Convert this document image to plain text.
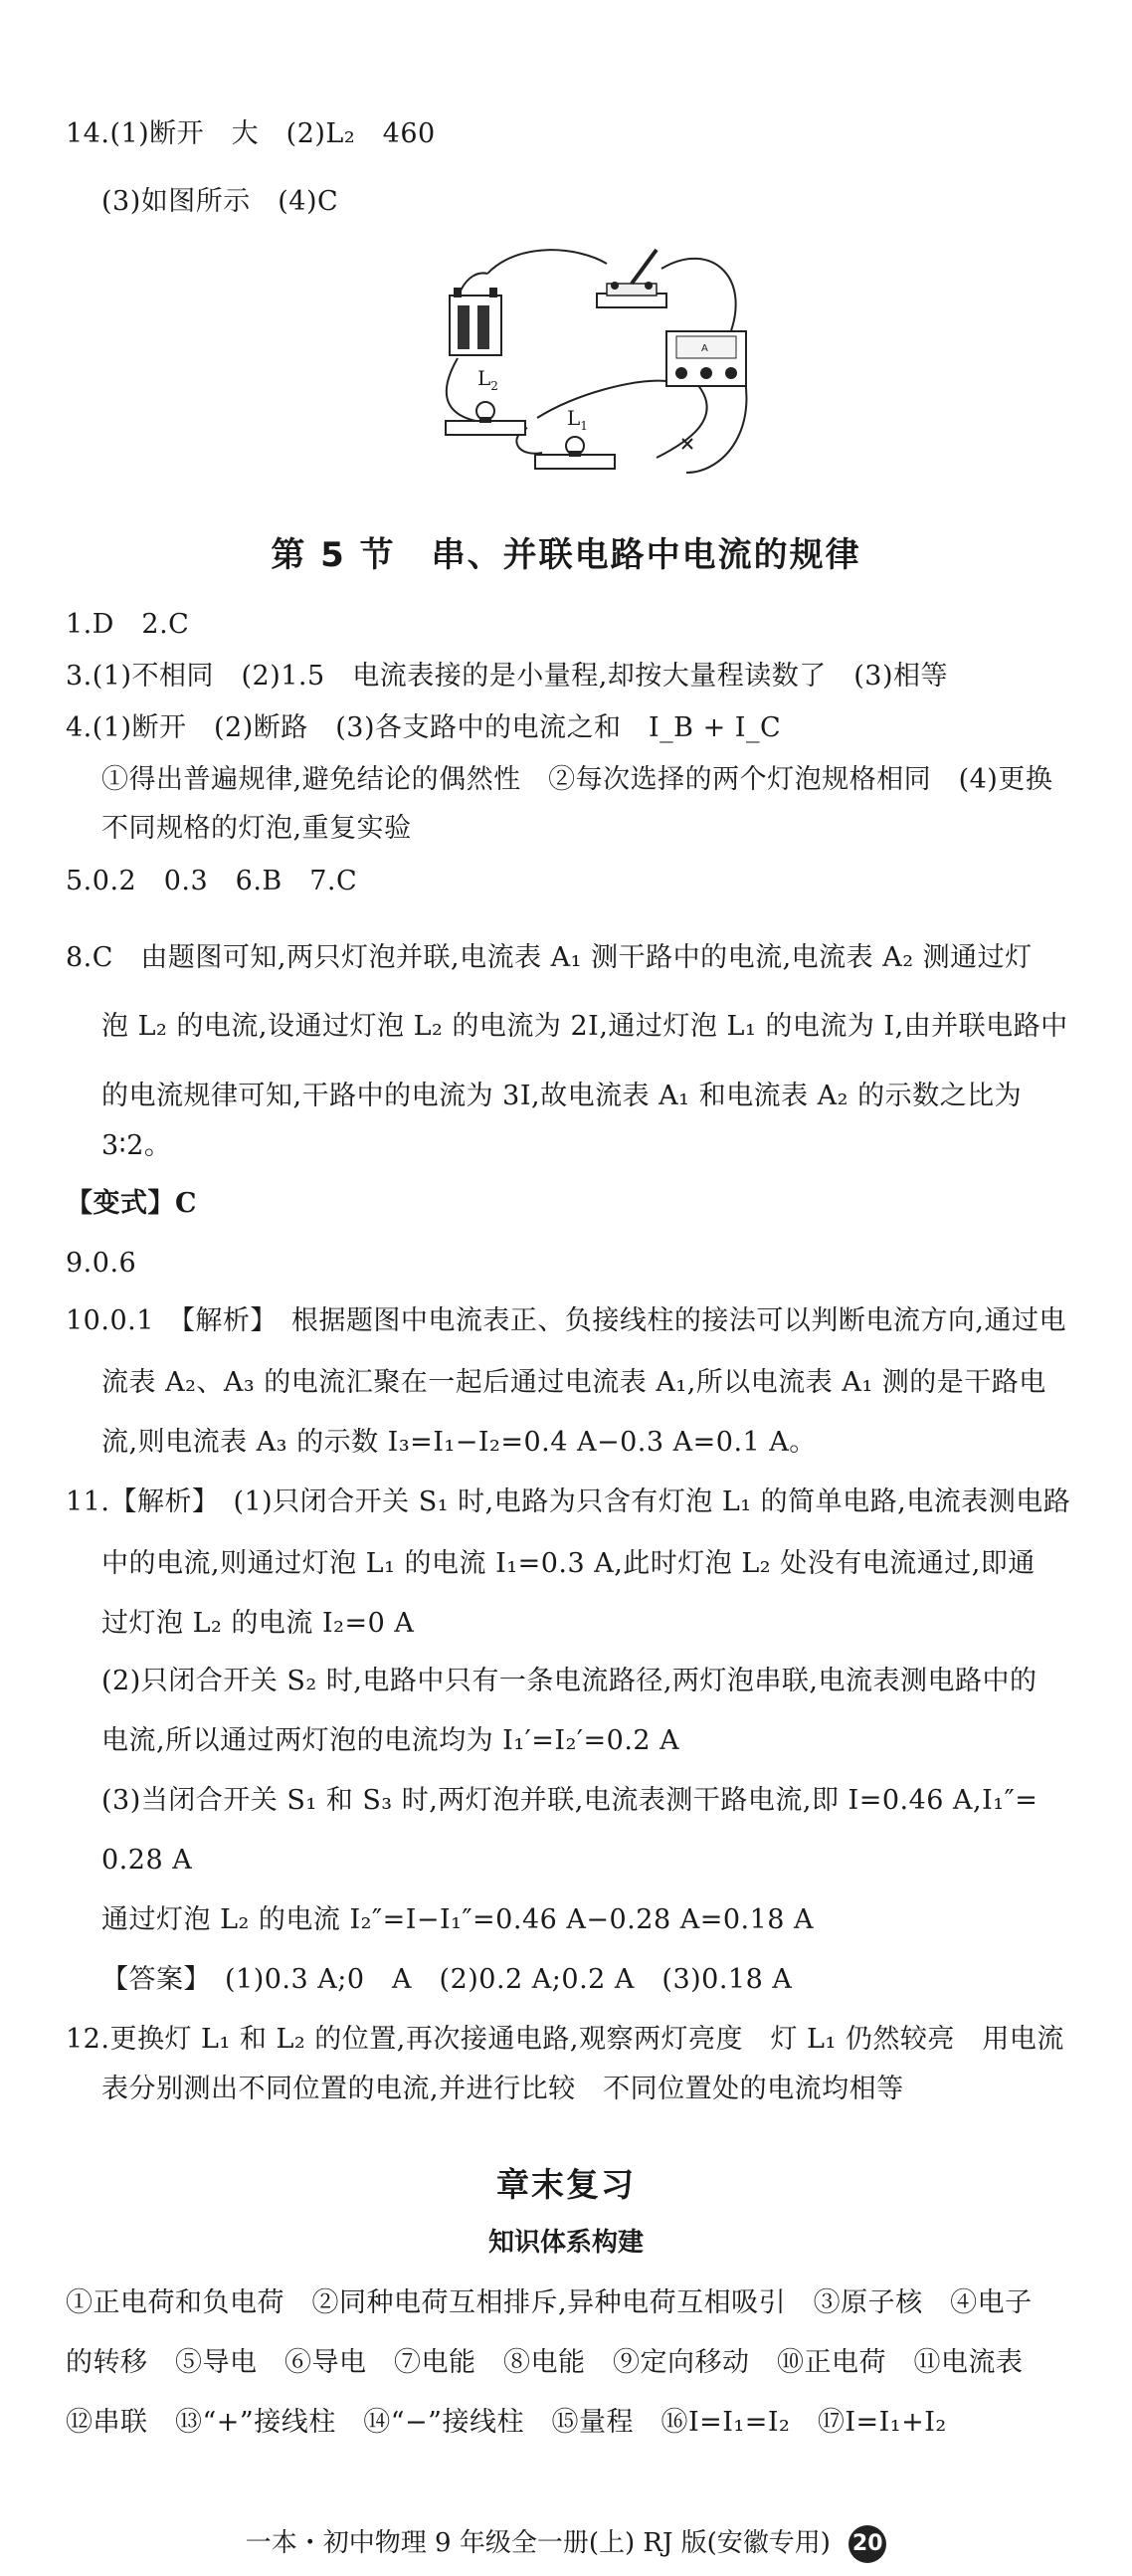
14.(1)断开　大　(2)L₂　460
(3)如图所示　(4)C
A
$L_2$
$L_1$
第 5 节　串、并联电路中电流的规律
1.D　2.C
3.(1)不相同　(2)1.5　电流表接的是小量程,却按大量程读数了　(3)相等
4.(1)断开　(2)断路　(3)各支路中的电流之和　I_B + I_C
①得出普遍规律,避免结论的偶然性　②每次选择的两个灯泡规格相同　(4)更换
不同规格的灯泡,重复实验
5.0.2　0.3　6.B　7.C
8.C　由题图可知,两只灯泡并联,电流表 A₁ 测干路中的电流,电流表 A₂ 测通过灯
泡 L₂ 的电流,设通过灯泡 L₂ 的电流为 2I,通过灯泡 L₁ 的电流为 I,由并联电路中
的电流规律可知,干路中的电流为 3I,故电流表 A₁ 和电流表 A₂ 的示数之比为
3∶2。
【变式】C
9.0.6
10.0.1　【解析】　根据题图中电流表正、负接线柱的接法可以判断电流方向,通过电
流表 A₂、A₃ 的电流汇聚在一起后通过电流表 A₁,所以电流表 A₁ 测的是干路电
流,则电流表 A₃ 的示数 I₃=I₁−I₂=0.4 A−0.3 A=0.1 A。
11.【解析】　(1)只闭合开关 S₁ 时,电路为只含有灯泡 L₁ 的简单电路,电流表测电路
中的电流,则通过灯泡 L₁ 的电流 I₁=0.3 A,此时灯泡 L₂ 处没有电流通过,即通
过灯泡 L₂ 的电流 I₂=0 A
(2)只闭合开关 S₂ 时,电路中只有一条电流路径,两灯泡串联,电流表测电路中的
电流,所以通过两灯泡的电流均为 I₁′=I₂′=0.2 A
(3)当闭合开关 S₁ 和 S₃ 时,两灯泡并联,电流表测干路电流,即 I=0.46 A,I₁″=
0.28 A
通过灯泡 L₂ 的电流 I₂″=I−I₁″=0.46 A−0.28 A=0.18 A
【答案】　(1)0.3 A;0　A　(2)0.2 A;0.2 A　(3)0.18 A
12.更换灯 L₁ 和 L₂ 的位置,再次接通电路,观察两灯亮度　灯 L₁ 仍然较亮　用电流
表分别测出不同位置的电流,并进行比较　不同位置处的电流均相等
章末复习
知识体系构建
①正电荷和负电荷　②同种电荷互相排斥,异种电荷互相吸引　③原子核　④电子
的转移　⑤导电　⑥导电　⑦电能　⑧电能　⑨定向移动　⑩正电荷　⑪电流表
⑫串联　⑬“+”接线柱　⑭“−”接线柱　⑮量程　⑯I=I₁=I₂　⑰I=I₁+I₂
一本・初中物理 9 年级全一册(上) RJ 版(安徽专用) 20
